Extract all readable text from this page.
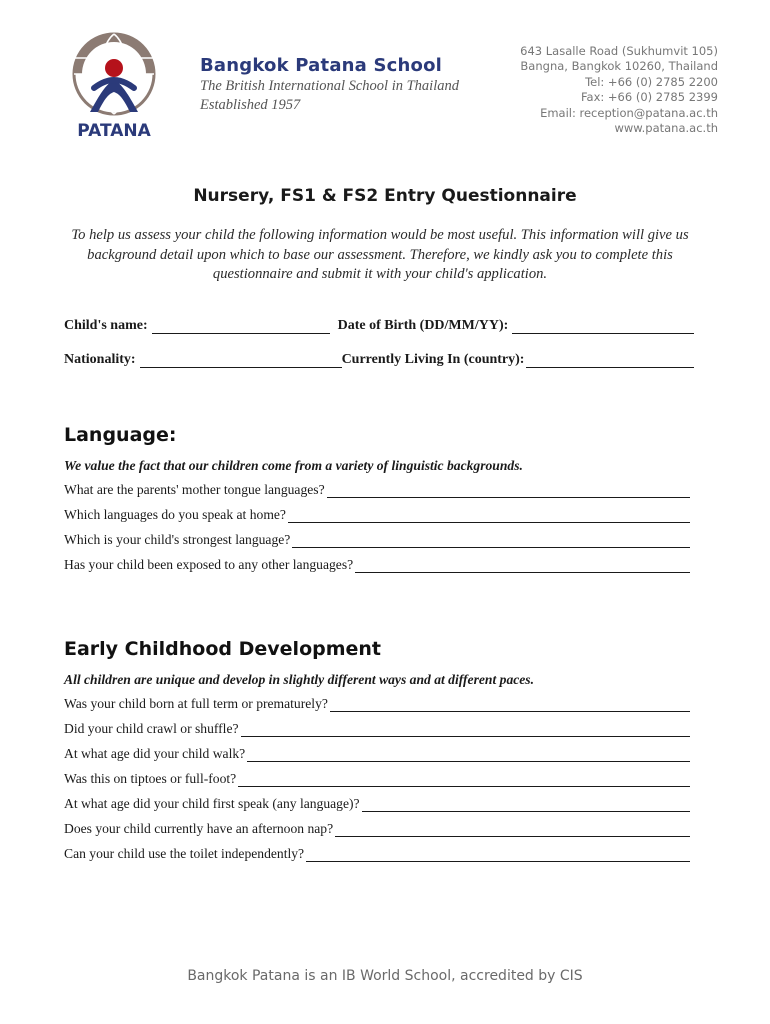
PATANA
Bangkok Patana School
The British International School in Thailand
Established 1957
643 Lasalle Road (Sukhumvit 105)
Bangna, Bangkok 10260, Thailand
Tel: +66 (0) 2785 2200
Fax: +66 (0) 2785 2399
Email: reception@patana.ac.th
www.patana.ac.th
Nursery, FS1 & FS2 Entry Questionnaire
To help us assess your child the following information would be most useful. This information will give us background detail upon which to base our assessment. Therefore, we kindly ask you to complete this questionnaire and submit it with your child's application.
Child's name:	Date of Birth (DD/MM/YY):
Nationality:	Currently Living In (country):
Language:
We value the fact that our children come from a variety of linguistic backgrounds.
What are the parents' mother tongue languages?
Which languages do you speak at home?
Which is your child's strongest language?
Has your child been exposed to any other languages?
Early Childhood Development
All children are unique and develop in slightly different ways and at different paces.
Was your child born at full term or prematurely?
Did your child crawl or shuffle?
At what age did your child walk?
Was this on tiptoes or full-foot?
At what age did your child first speak (any language)?
Does your child currently have an afternoon nap?
Can your child use the toilet independently?
Bangkok Patana is an IB World School, accredited by CIS
